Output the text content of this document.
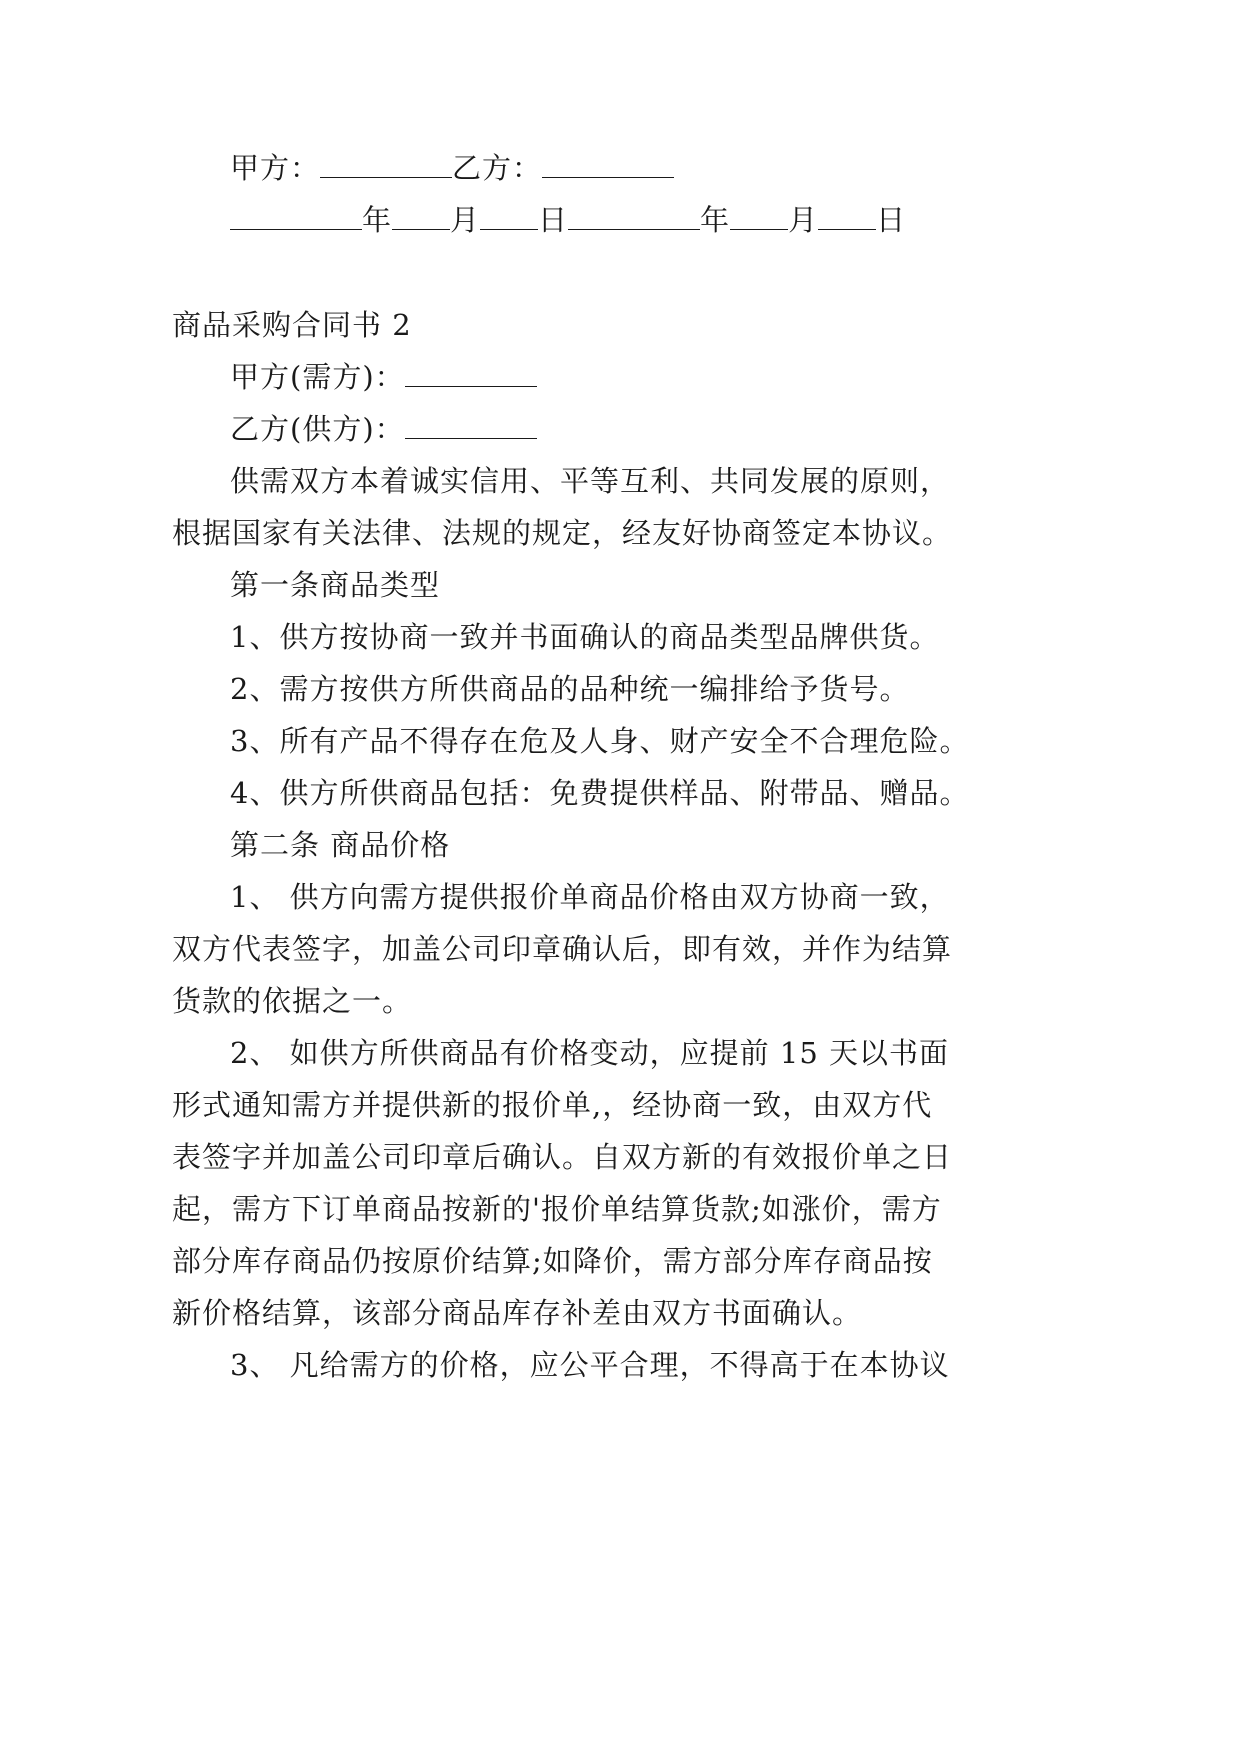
甲方：	乙方：
年 月 日	年 月 日
商品采购合同书 2
甲方(需方)：
乙方(供方)：
供需双方本着诚实信用、平等互利、共同发展的原则，
根据国家有关法律、法规的规定，经友好协商签定本协议。
第一条商品类型
1、供方按协商一致并书面确认的商品类型品牌供货。
2、需方按供方所供商品的品种统一编排给予货号。
3、所有产品不得存在危及人身、财产安全不合理危险。
4、供方所供商品包括：免费提供样品、附带品、赠品。
第二条 商品价格
1、 供方向需方提供报价单商品价格由双方协商一致，
双方代表签字，加盖公司印章确认后，即有效，并作为结算
货款的依据之一。
2、 如供方所供商品有价格变动，应提前 15 天以书面
形式通知需方并提供新的报价单,，经协商一致，由双方代
表签字并加盖公司印章后确认。自双方新的有效报价单之日
起，需方下订单商品按新的'报价单结算货款;如涨价，需方
部分库存商品仍按原价结算;如降价，需方部分库存商品按
新价格结算，该部分商品库存补差由双方书面确认。
3、 凡给需方的价格，应公平合理，不得高于在本协议
